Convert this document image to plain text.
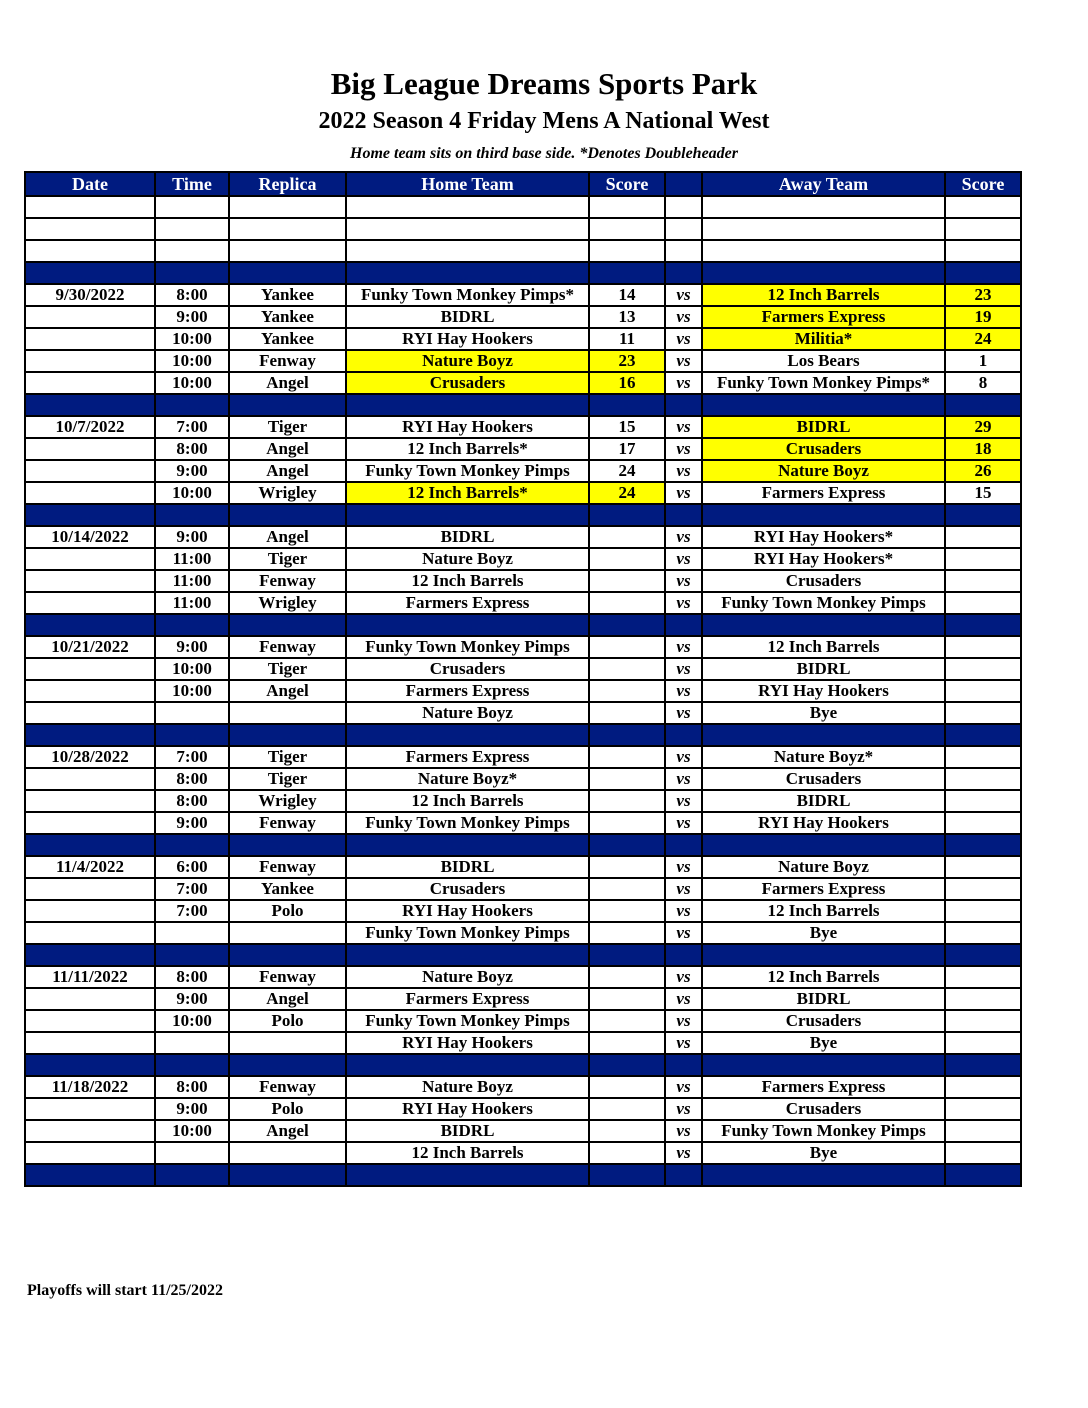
Big League Dreams Sports Park
2022 Season 4 Friday Mens A National West
Home team sits on third base side. *Denotes Doubleheader
Date	Time	Replica	Home Team	Score		Away Team	Score

9/30/2022	8:00	Yankee	Funky Town Monkey Pimps*	14	vs	12 Inch Barrels	23
	9:00	Yankee	BIDRL	13	vs	Farmers Express	19
	10:00	Yankee	RYI Hay Hookers	11	vs	Militia*	24
	10:00	Fenway	Nature Boyz	23	vs	Los Bears	1
	10:00	Angel	Crusaders	16	vs	Funky Town Monkey Pimps*	8

10/7/2022	7:00	Tiger	RYI Hay Hookers	15	vs	BIDRL	29
	8:00	Angel	12 Inch Barrels*	17	vs	Crusaders	18
	9:00	Angel	Funky Town Monkey Pimps	24	vs	Nature Boyz	26
	10:00	Wrigley	12 Inch Barrels*	24	vs	Farmers Express	15

10/14/2022	9:00	Angel	BIDRL		vs	RYI Hay Hookers*	
	11:00	Tiger	Nature Boyz		vs	RYI Hay Hookers*	
	11:00	Fenway	12 Inch Barrels		vs	Crusaders	
	11:00	Wrigley	Farmers Express		vs	Funky Town Monkey Pimps	

10/21/2022	9:00	Fenway	Funky Town Monkey Pimps		vs	12 Inch Barrels	
	10:00	Tiger	Crusaders		vs	BIDRL	
	10:00	Angel	Farmers Express		vs	RYI Hay Hookers	
			Nature Boyz		vs	Bye	

10/28/2022	7:00	Tiger	Farmers Express		vs	Nature Boyz*	
	8:00	Tiger	Nature Boyz*		vs	Crusaders	
	8:00	Wrigley	12 Inch Barrels		vs	BIDRL	
	9:00	Fenway	Funky Town Monkey Pimps		vs	RYI Hay Hookers	

11/4/2022	6:00	Fenway	BIDRL		vs	Nature Boyz	
	7:00	Yankee	Crusaders		vs	Farmers Express	
	7:00	Polo	RYI Hay Hookers		vs	12 Inch Barrels	
			Funky Town Monkey Pimps		vs	Bye	

11/11/2022	8:00	Fenway	Nature Boyz		vs	12 Inch Barrels	
	9:00	Angel	Farmers Express		vs	BIDRL	
	10:00	Polo	Funky Town Monkey Pimps		vs	Crusaders	
			RYI Hay Hookers		vs	Bye	

11/18/2022	8:00	Fenway	Nature Boyz		vs	Farmers Express	
	9:00	Polo	RYI Hay Hookers		vs	Crusaders	
	10:00	Angel	BIDRL		vs	Funky Town Monkey Pimps	
			12 Inch Barrels		vs	Bye	

Playoffs will start 11/25/2022
